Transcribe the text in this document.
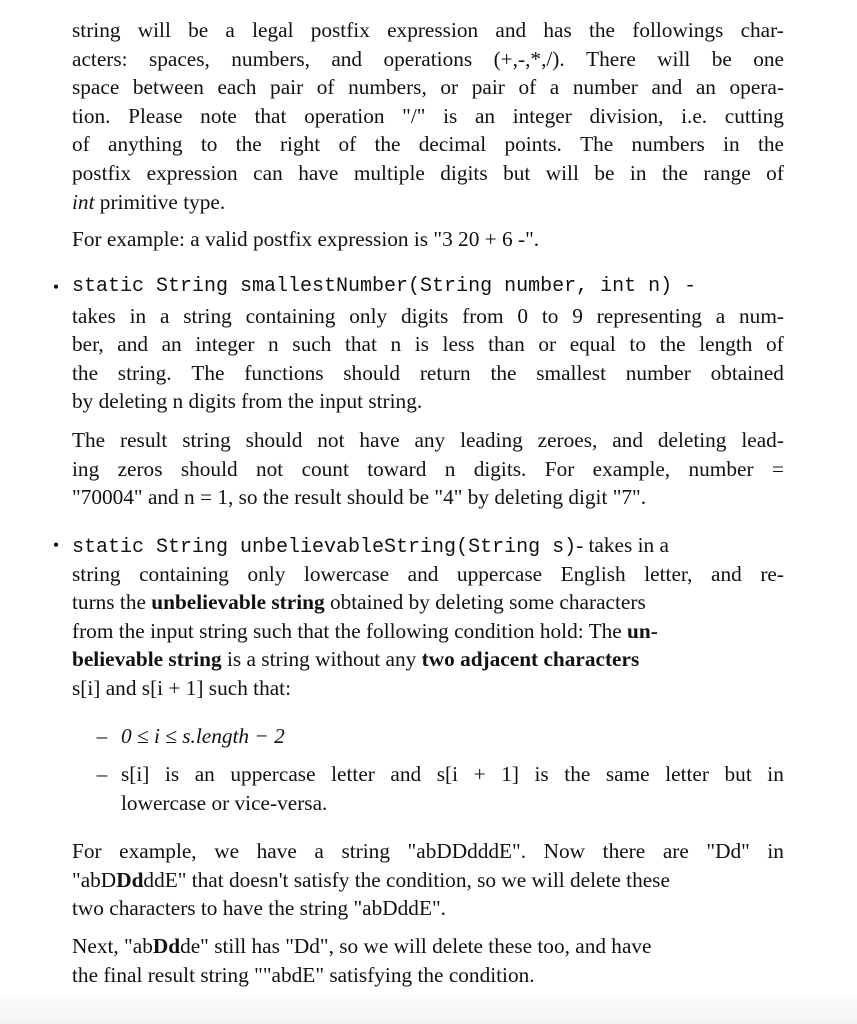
string will be a legal postfix expression and has the followings char-
acters: spaces, numbers, and operations (+,-,*,/). There will be one
space between each pair of numbers, or pair of a number and an opera-
tion. Please note that operation "/" is an integer division, i.e. cutting
of anything to the right of the decimal points. The numbers in the
postfix expression can have multiple digits but will be in the range of
int primitive type.
For example: a valid postfix expression is "3 20 + 6 -".
• static String smallestNumber(String number, int n) -
takes in a string containing only digits from 0 to 9 representing a num-
ber, and an integer n such that n is less than or equal to the length of
the string. The functions should return the smallest number obtained
by deleting n digits from the input string.
The result string should not have any leading zeroes, and deleting lead-
ing zeros should not count toward n digits. For example, number =
"70004" and n = 1, so the result should be "4" by deleting digit "7".
• static String unbelievableString(String s)- takes in a
string containing only lowercase and uppercase English letter, and re-
turns the unbelievable string obtained by deleting some characters
from the input string such that the following condition hold: The un-
believable string is a string without any two adjacent characters
s[i] and s[i + 1] such that:
– 0 ≤ i ≤ s.length − 2
– s[i] is an uppercase letter and s[i + 1] is the same letter but in
lowercase or vice-versa.
For example, we have a string "abDDdddE". Now there are "Dd" in
"abDDdddE" that doesn't satisfy the condition, so we will delete these
two characters to have the string "abDddE".
Next, "abDdde" still has "Dd", so we will delete these too, and have
the final result string ""abdE" satisfying the condition.
